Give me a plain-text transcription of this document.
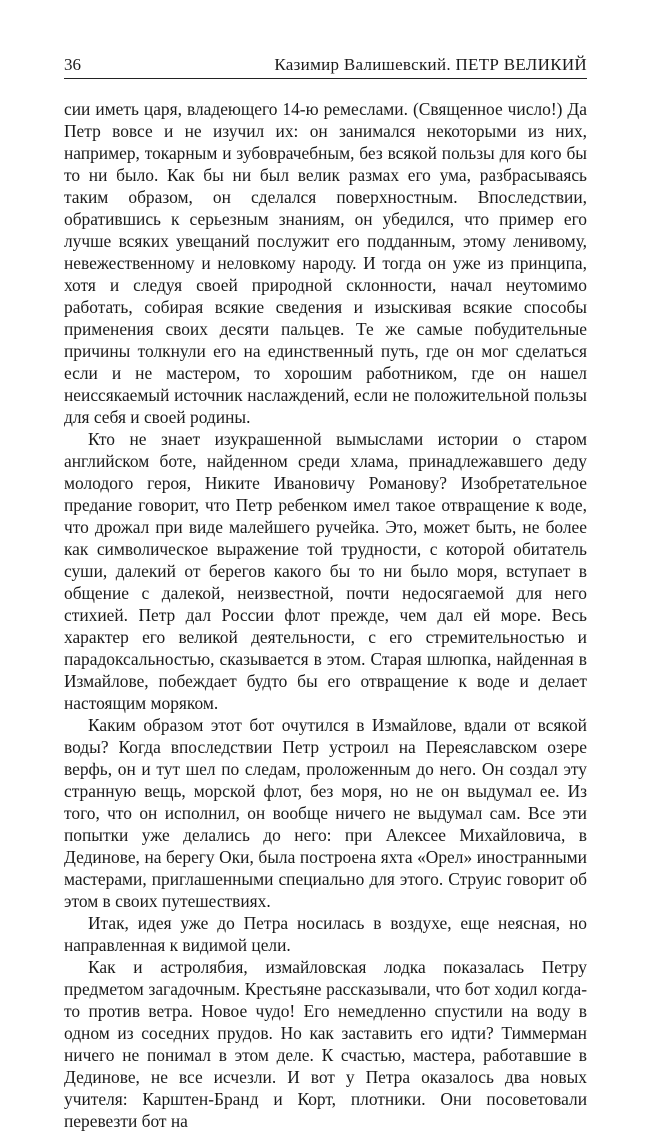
36	Казимир Валишевский. ПЕТР ВЕЛИКИЙ

сии иметь царя, владеющего 14-ю ремеслами. (Священное число!) Да Петр вовсе и не изучил их: он занимался некоторыми из них, например, токарным и зубоврачебным, без всякой пользы для кого бы то ни было. Как бы ни был велик размах его ума, разбрасываясь таким образом, он сделался поверхностным. Впоследствии, обратившись к серьезным знаниям, он убедился, что пример его лучше всяких увещаний послужит его подданным, этому ленивому, невежественному и неловкому народу. И тогда он уже из принципа, хотя и следуя своей природной склонности, начал неутомимо работать, собирая всякие сведения и изыскивая всякие способы применения своих десяти пальцев. Те же самые побудительные причины толкнули его на единственный путь, где он мог сделаться если и не мастером, то хорошим работником, где он нашел неиссякаемый источник наслаждений, если не положительной пользы для себя и своей родины.

Кто не знает изукрашенной вымыслами истории о старом английском боте, найденном среди хлама, принадлежавшего деду молодого героя, Никите Ивановичу Романову? Изобретательное предание говорит, что Петр ребенком имел такое отвращение к воде, что дрожал при виде малейшего ручейка. Это, может быть, не более как символическое выражение той трудности, с которой обитатель суши, далекий от берегов какого бы то ни было моря, вступает в общение с далекой, неизвестной, почти недосягаемой для него стихией. Петр дал России флот прежде, чем дал ей море. Весь характер его великой деятельности, с его стремительностью и парадоксальностью, сказывается в этом. Старая шлюпка, найденная в Измайлове, побеждает будто бы его отвращение к воде и делает настоящим моряком.

Каким образом этот бот очутился в Измайлове, вдали от всякой воды? Когда впоследствии Петр устроил на Переяславском озере верфь, он и тут шел по следам, проложенным до него. Он создал эту странную вещь, морской флот, без моря, но не он выдумал ее. Из того, что он исполнил, он вообще ничего не выдумал сам. Все эти попытки уже делались до него: при Алексее Михайловича, в Дединове, на берегу Оки, была построена яхта «Орел» иностранными мастерами, приглашенными специально для этого. Струис говорит об этом в своих путешествиях.

Итак, идея уже до Петра носилась в воздухе, еще неясная, но направленная к видимой цели.

Как и астролябия, измайловская лодка показалась Петру предметом загадочным. Крестьяне рассказывали, что бот ходил когда-то против ветра. Новое чудо! Его немедленно спустили на воду в одном из соседних прудов. Но как заставить его идти? Тиммерман ничего не понимал в этом деле. К счастью, мастера, работавшие в Дединове, не все исчезли. И вот у Петра оказалось два новых учителя: Карштен-Бранд и Корт, плотники. Они посоветовали перевезти бот на
